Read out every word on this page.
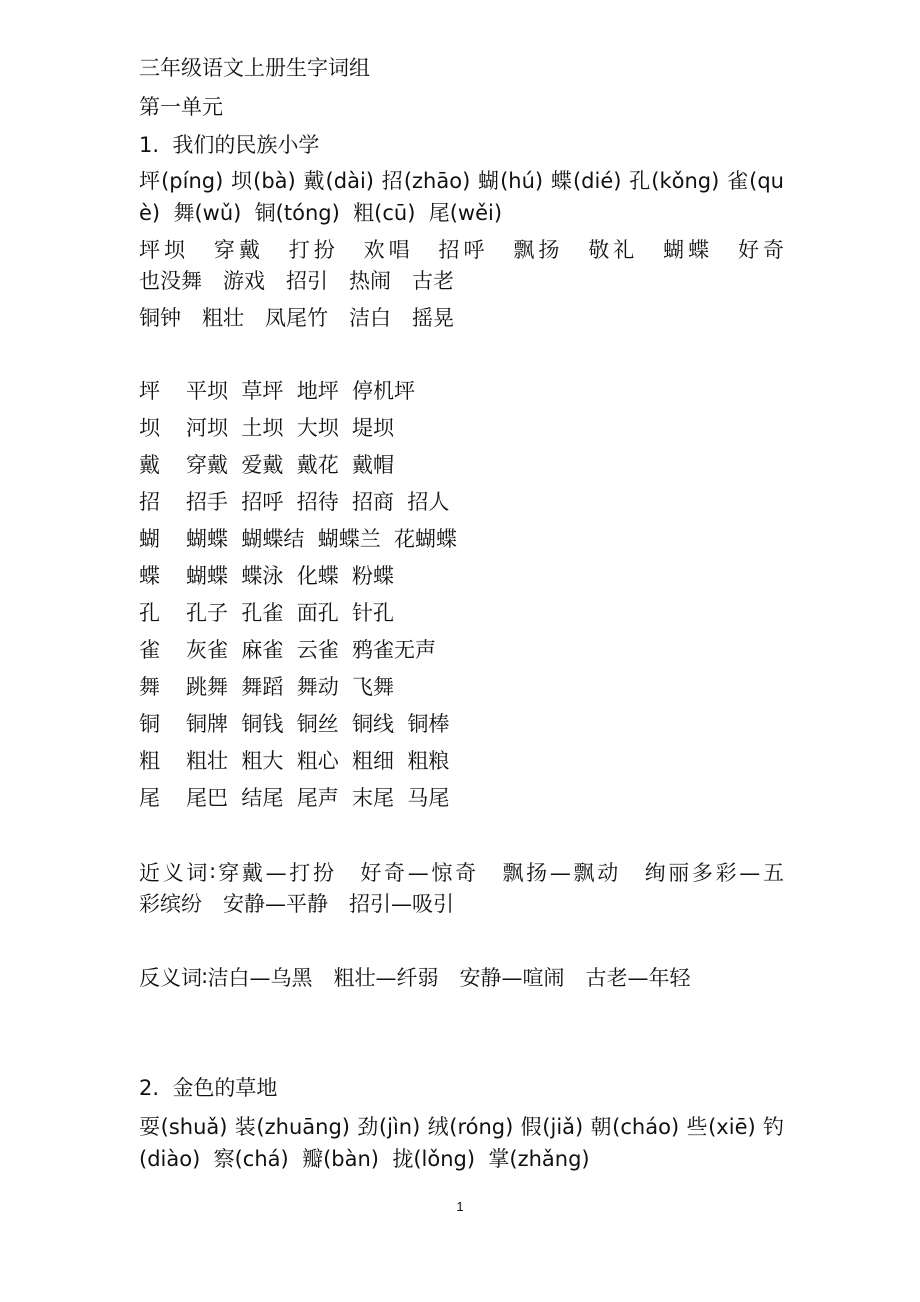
三年级语文上册生字词组
第一单元
1.  我们的民族小学
坪(píng) 坝(bà) 戴(dài) 招(zhāo) 蝴(hú) 蝶(dié) 孔(kǒng) 雀(qu
è)  舞(wǔ)  铜(tóng)  粗(cū)  尾(wěi)
坪坝　穿戴　打扮　欢唱　招呼　飘扬　敬礼　蝴蝶　好奇
也没舞　游戏　招引　热闹　古老
铜钟　粗壮　凤尾竹　洁白　摇晃
坪 平坝  草坪  地坪  停机坪
坝 河坝  土坝  大坝  堤坝
戴 穿戴  爱戴  戴花  戴帽
招 招手  招呼  招待  招商  招人
蝴 蝴蝶  蝴蝶结  蝴蝶兰  花蝴蝶
蝶 蝴蝶  蝶泳  化蝶  粉蝶
孔 孔子  孔雀  面孔  针孔
雀 灰雀  麻雀  云雀  鸦雀无声
舞 跳舞  舞蹈  舞动  飞舞
铜 铜牌  铜钱  铜丝  铜线  铜棒
粗 粗壮  粗大  粗心  粗细  粗粮
尾 尾巴  结尾  尾声  末尾  马尾
近义词∶穿戴—打扮　好奇—惊奇　飘扬—飘动　绚丽多彩—五
彩缤纷　安静—平静　招引—吸引
反义词∶洁白—乌黑　粗壮—纤弱　安静—喧闹　古老—年轻
2.  金色的草地
耍(shuǎ) 装(zhuāng) 劲(jìn) 绒(róng) 假(jiǎ) 朝(cháo) 些(xiē) 钓
(diào)  察(chá)  瓣(bàn)  拢(lǒng)  掌(zhǎng)
1
